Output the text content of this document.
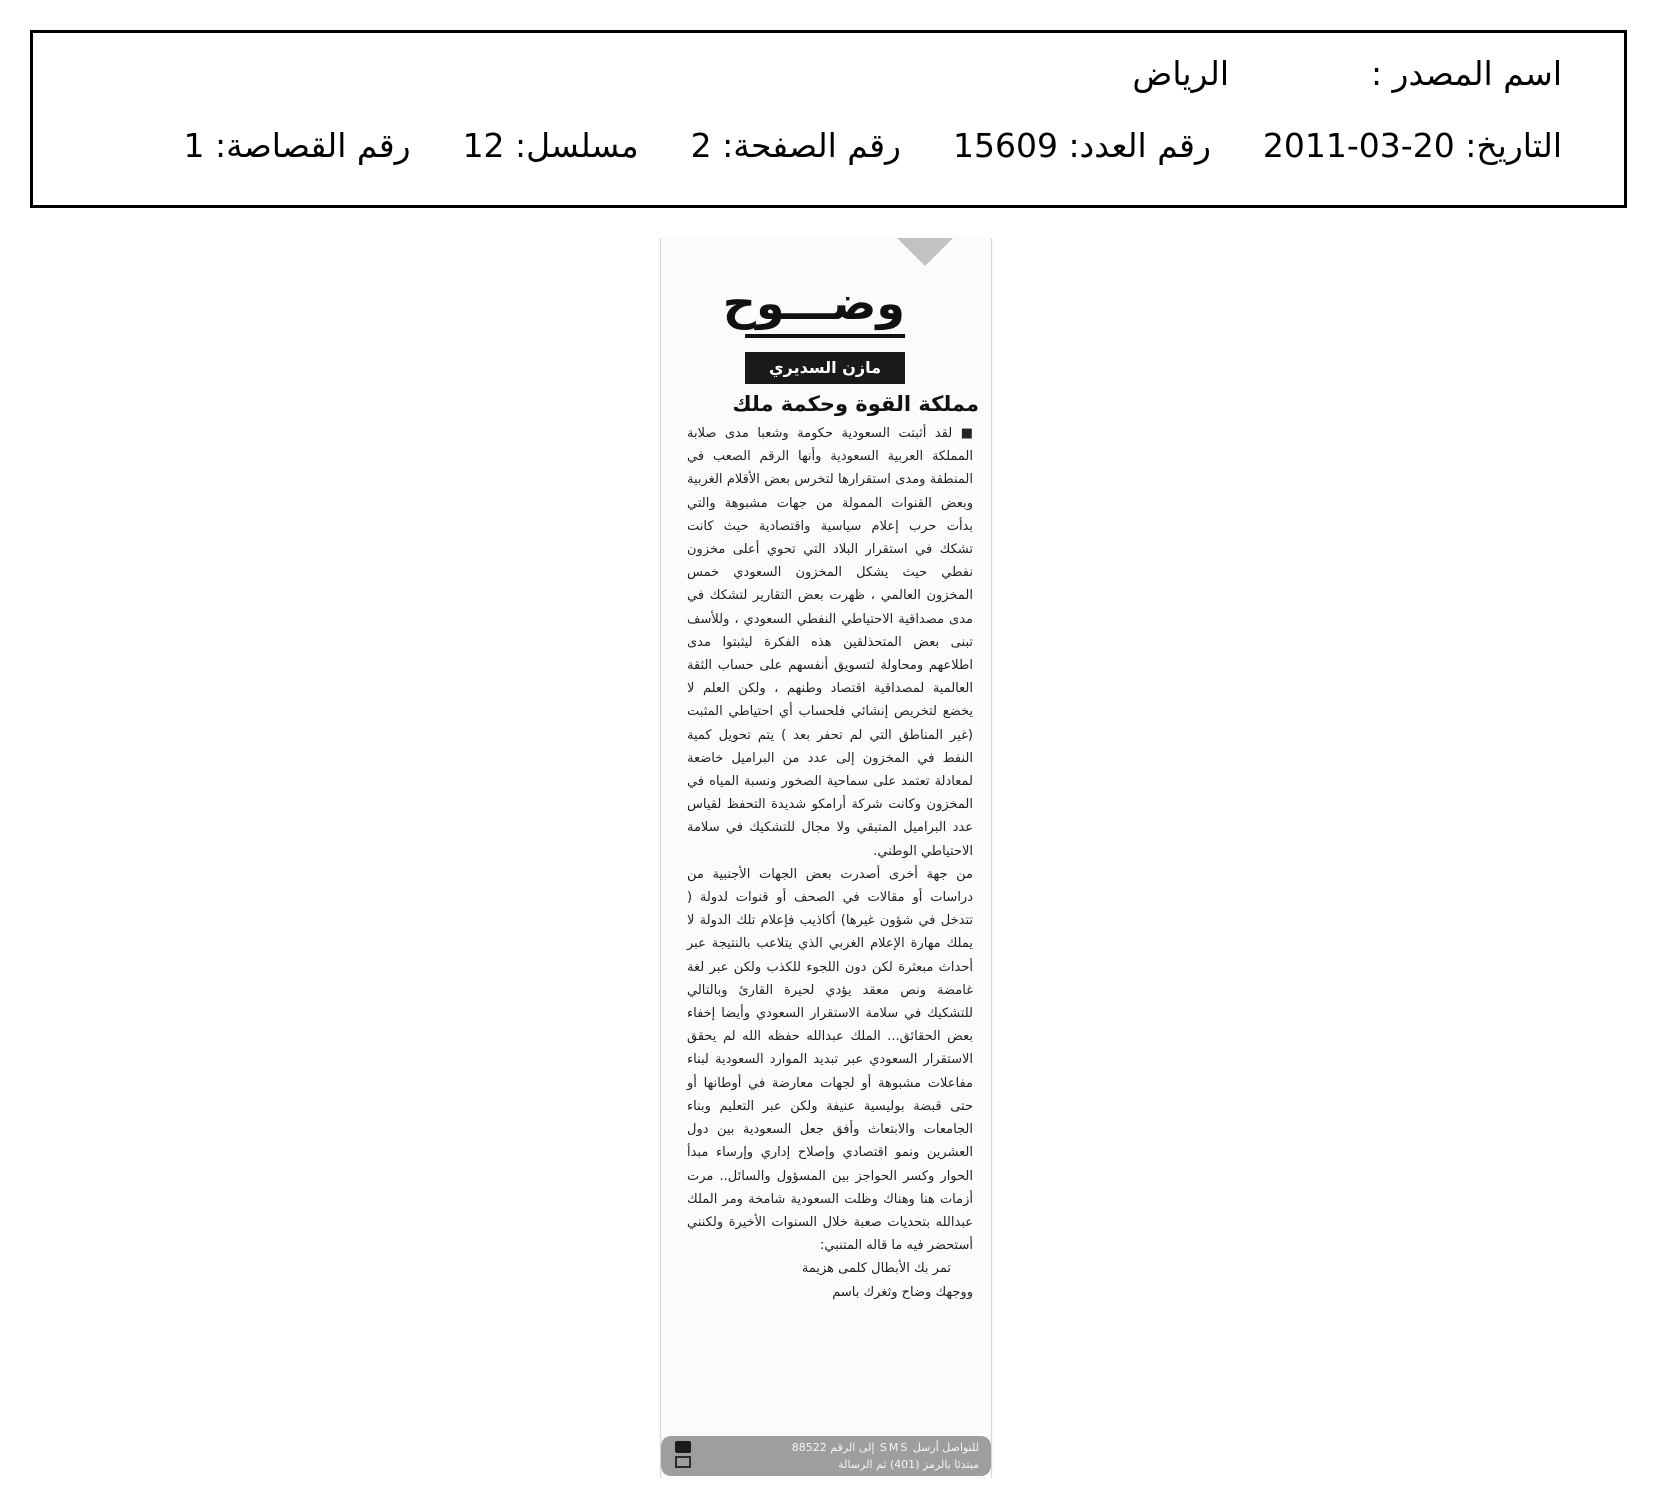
اسم المصدر :
الرياض
التاريخ: 20-03-2011
رقم العدد: 15609
رقم الصفحة: 2
مسلسل: 12
رقم القصاصة: 1
وضـــوح
مازن السديري
مملكة القوة وحكمة ملك

■ لقد أثبتت السعودية حكومة وشعبا مدى صلابة المملكة العربية السعودية وأنها الرقم الصعب في المنطقة ومدى استقرارها لتخرس بعض الأقلام الغربية وبعض القنوات الممولة من جهات مشبوهة والتي بدأت حرب إعلام سياسية واقتصادية حيث كانت تشكك في استقرار البلاد التي تحوي أعلى مخزون نفطي حيث يشكل المخزون السعودي خمس المخزون العالمي ، ظهرت بعض التقارير لتشكك في مدى مصداقية الاحتياطي النفطي السعودي ، وللأسف تبنى بعض المتحذلقين هذه الفكرة ليثبتوا مدى اطلاعهم ومحاولة لتسويق أنفسهم على حساب الثقة العالمية لمصداقية اقتصاد وطنهم ، ولكن العلم لا يخضع لتخريص إنشائي فلحساب أي احتياطي المثبت (غير المناطق التي لم تحفر بعد ) يتم تحويل كمية النفط في المخزون إلى عدد من البراميل خاضعة لمعادلة تعتمد على سماحية الصخور ونسبة المياه في المخزون وكانت شركة أرامكو شديدة التحفظ لقياس عدد البراميل المتبقي ولا مجال للتشكيك في سلامة الاحتياطي الوطني.

من جهة أخرى أصدرت بعض الجهات الأجنبية من دراسات أو مقالات في الصحف أو قنوات لدولة ( تتدخل في شؤون غيرها) أكاذيب فإعلام تلك الدولة لا يملك مهارة الإعلام الغربي الذي يتلاعب بالنتيجة عبر أحداث مبعثرة لكن دون اللجوء للكذب ولكن عبر لغة غامضة ونص معقد يؤدي لحيرة القارئ وبالتالي للتشكيك في سلامة الاستقرار السعودي وأيضا إخفاء بعض الحقائق... الملك عبدالله حفظه الله لم يحقق الاستقرار السعودي عبر تبديد الموارد السعودية لبناء مفاعلات مشبوهة أو لجهات معارضة في أوطانها أو حتى قبضة بوليسية عنيفة ولكن عبر التعليم وبناء الجامعات والابتعاث وأفق جعل السعودية بين دول العشرين ونمو اقتصادي وإصلاح إداري وإرساء مبدأ الحوار وكسر الحواجز بين المسؤول والسائل.. مرت أزمات هنا وهناك وظلت السعودية شامخة ومر الملك عبدالله بتحديات صعبة خلال السنوات الأخيرة ولكنني أستحضر فيه ما قاله المتنبي:

تمر بك الأبطال كلمى هزيمة

ووجهك وضاح وثغرك باسم

للتواصل أرسل SMS إلى الرقم 88522
مبتدئا بالرمز (401) ثم الرسالة
